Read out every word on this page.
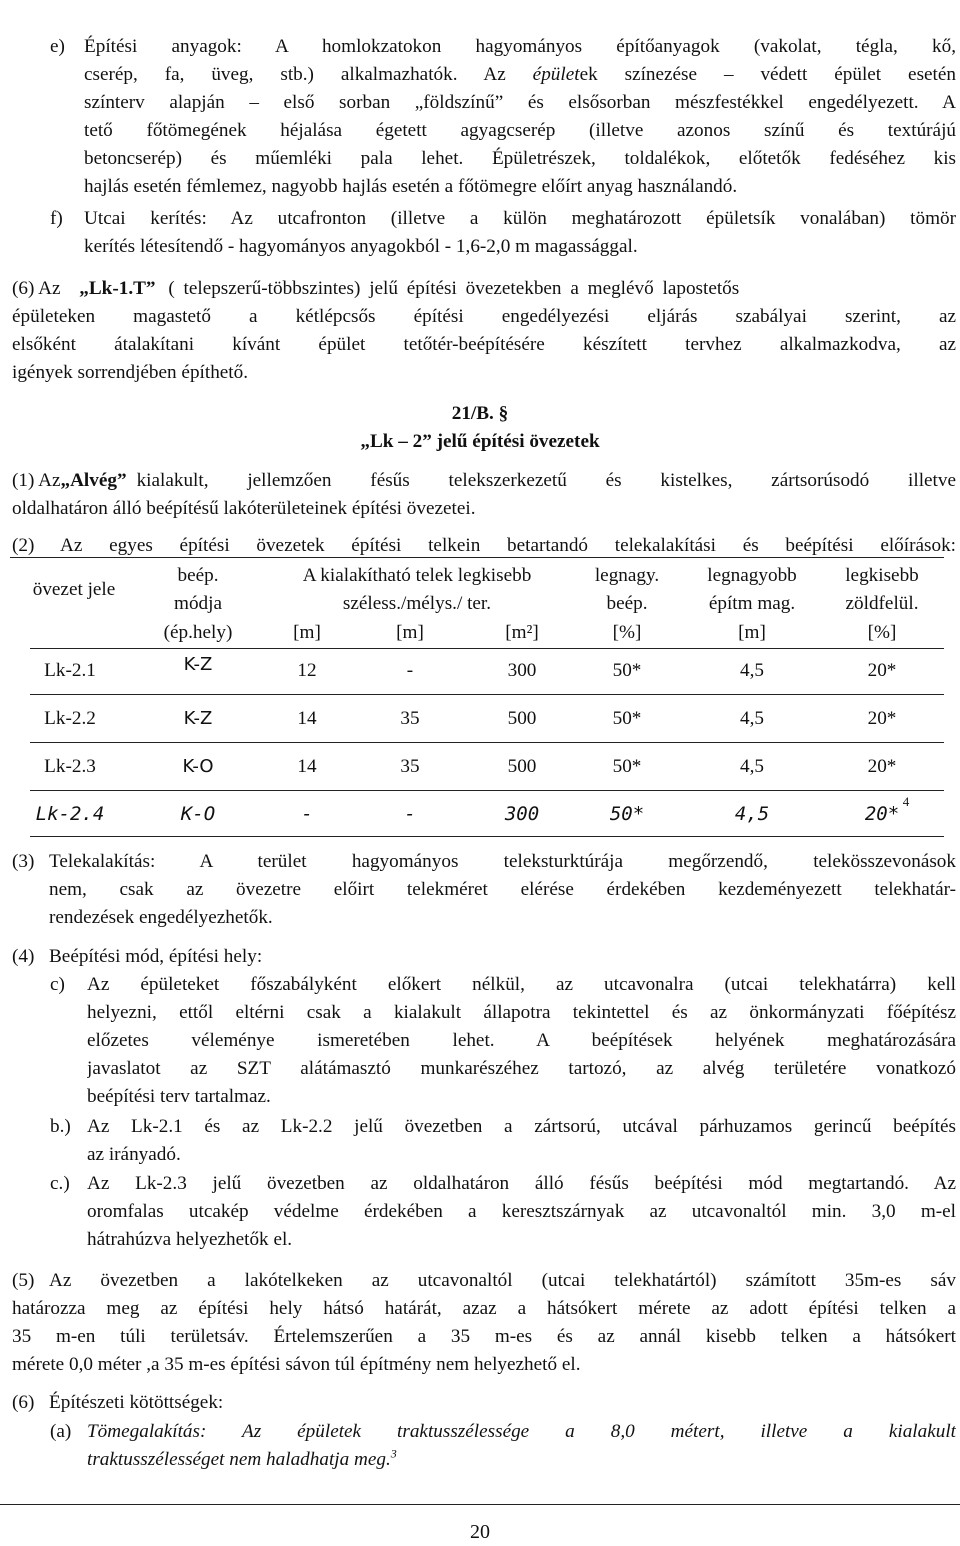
e) Építési anyagok: A homlokzatokon hagyományos építőanyagok (vakolat, tégla, kő,
cserép, fa, üveg, stb.) alkalmazhatók. Az épületek színezése – védett épület esetén
színterv alapján – első sorban „földszínű” és elsősorban mészfestékkel engedélyezett. A
tető főtömegének héjalása égetett agyagcserép (illetve azonos színű és textúrájú
betoncserép) és műemléki pala lehet. Épületrészek, toldalékok, előtetők fedéséhez kis
hajlás esetén fémlemez, nagyobb hajlás esetén a főtömegre előírt anyag használandó.
f) Utcai kerítés: Az utcafronton (illetve a külön meghatározott épületsík vonalában) tömör
kerítés létesítendő - hagyományos anyagokból - 1,6-2,0 m magassággal.
(6) Az „Lk-1.T” ( telepszerű-többszintes) jelű építési övezetekben a meglévő lapostetős
épületeken magastető a kétlépcsős építési engedélyezési eljárás szabályai szerint, az
elsőként átalakítani kívánt épület tetőtér-beépítésére készített tervhez alkalmazkodva, az
igények sorrendjében építhető.
21/B. §
„Lk – 2” jelű építési övezetek
(1) Az „Alvég” kialakult, jellemzően fésűs telekszerkezetű és kistelkes, zártsorúsodó illetve
oldalhatáron álló beépítésű lakóterületeinek építési övezetei.
(2) Az egyes építési övezetek építési telkein betartandó telekalakítási és beépítési előírások:
övezet jele
beép.
módja
(ép.hely)
A kialakítható telek legkisebb
széless./mélys./ ter.
[m]	[m]	[m²]
legnagy.
beép.
[%]
legnagyobb
építm mag.
[m]
legkisebb
zöldfelül.
[%]
Lk-2.1	K-Z	12	-	300	50*	4,5	20*
Lk-2.2	K-Z	14	35	500	50*	4,5	20*
Lk-2.3	K-O	14	35	500	50*	4,5	20*
Lk-2.4	K-O	-	-	300	50*	4,5	20*
4
(3) Telekalakítás: A terület hagyományos teleksturktúrája megőrzendő, telekösszevonások
nem, csak az övezetre előirt telekméret elérése érdekében kezdeményezett telekhatár-
rendezések engedélyezhetők.
(4) Beépítési mód, építési hely:
c) Az épületeket főszabályként előkert nélkül, az utcavonalra (utcai telekhatárra) kell
helyezni, ettől eltérni csak a kialakult állapotra tekintettel és az önkormányzati főépítész
előzetes véleménye ismeretében lehet. A beépítések helyének meghatározására
javaslatot az SZT alátámasztó munkarészéhez tartozó, az alvég területére vonatkozó
beépítési terv tartalmaz.
b.) Az Lk-2.1 és az Lk-2.2 jelű övezetben a zártsorú, utcával párhuzamos gerincű beépítés
az irányadó.
c.) Az Lk-2.3 jelű övezetben az oldalhatáron álló fésűs beépítési mód megtartandó. Az
oromfalas utcakép védelme érdekében a keresztszárnyak az utcavonaltól min. 3,0 m-el
hátrahúzva helyezhetők el.
(5) Az övezetben a lakótelkeken az utcavonaltól (utcai telekhatártól) számított 35m-es sáv
határozza meg az építési hely hátsó határát, azaz a hátsókert mérete az adott építési telken a
35 m-en túli területsáv. Értelemszerűen a 35 m-es és az annál kisebb telken a hátsókert
mérete 0,0 méter ,a 35 m-es építési sávon túl építmény nem helyezhető el.
(6) Építészeti kötöttségek:
(a) Tömegalakítás: Az épületek traktusszélessége a 8,0 métert, illetve a kialakult
traktusszélességet nem haladhatja meg.$^3$
20
